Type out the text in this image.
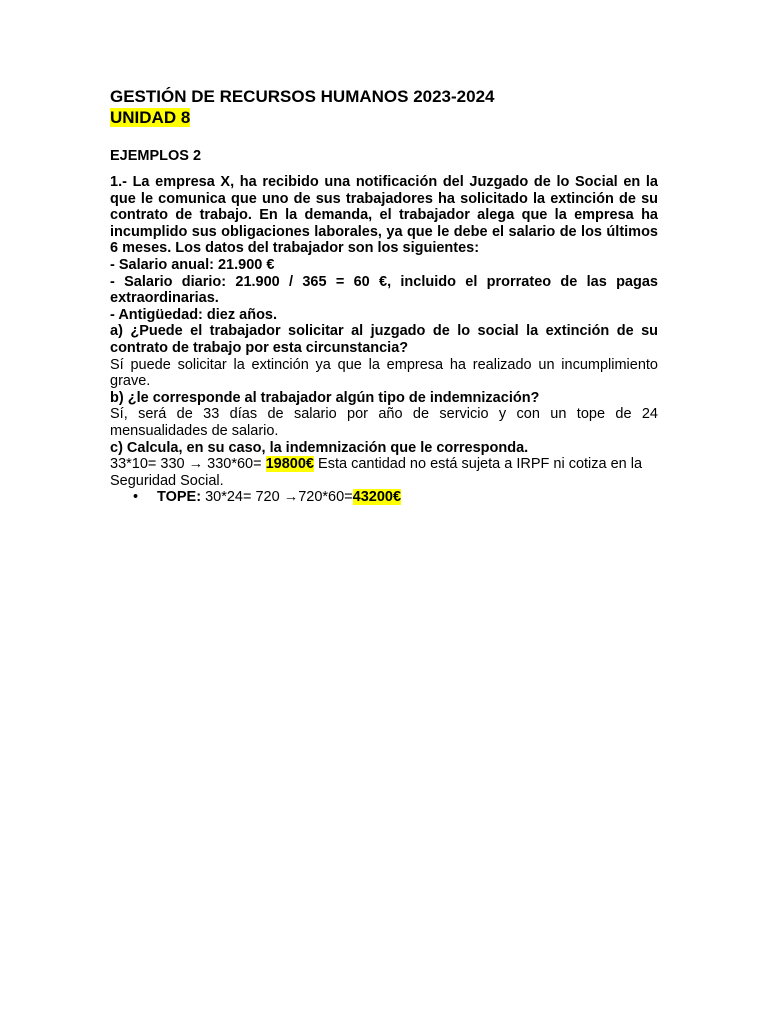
GESTIÓN DE RECURSOS HUMANOS 2023-2024

UNIDAD 8

EJEMPLOS 2

1.- La empresa X, ha recibido una notificación del Juzgado de lo Social en la que le comunica que uno de sus trabajadores ha solicitado la extinción de su contrato de trabajo. En la demanda, el trabajador alega que la empresa ha incumplido sus obligaciones laborales, ya que le debe el salario de los últimos 6 meses. Los datos del trabajador son los siguientes:

- Salario anual: 21.900 €

- Salario diario: 21.900 / 365 = 60 €, incluido el prorrateo de las pagas extraordinarias.

- Antigüedad: diez años.

a) ¿Puede el trabajador solicitar al juzgado de lo social la extinción de su contrato de trabajo por esta circunstancia?

Sí puede solicitar la extinción ya que la empresa ha realizado un incumplimiento grave.

b) ¿le corresponde al trabajador algún tipo de indemnización?

Sí, será de 33 días de salario por año de servicio y con un tope de 24 mensualidades de salario.

c) Calcula, en su caso, la indemnización que le corresponda.

33*10= 330 → 330*60= 19800€ Esta cantidad no está sujeta a IRPF ni cotiza en la Seguridad Social.

•	TOPE: 30*24= 720 →720*60=43200€
